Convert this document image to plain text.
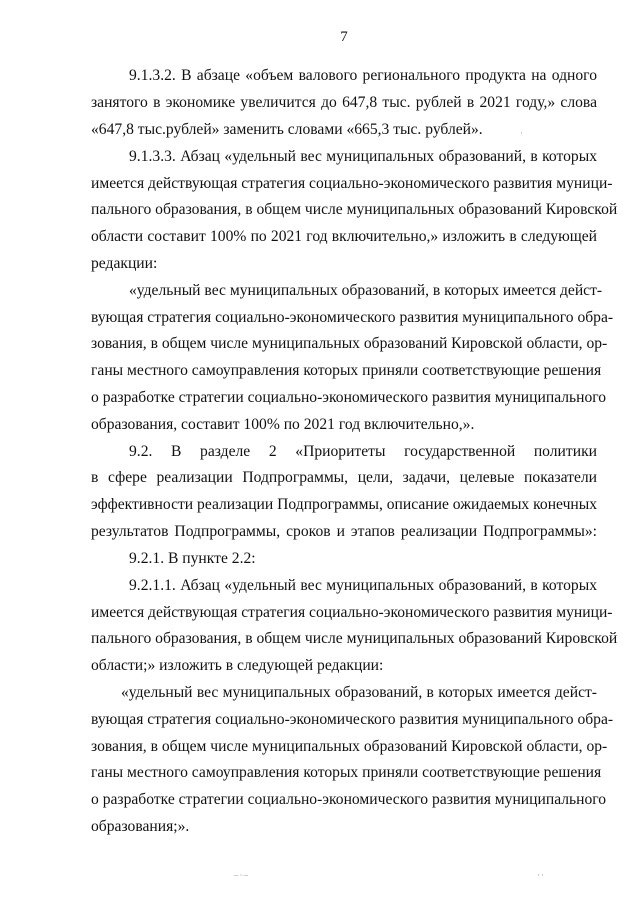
7
9.1.3.2. В абзаце «объем валового регионального продукта на одного
занятого в экономике увеличится до 647,8 тыс. рублей в 2021 году,» слова
«647,8 тыс.рублей» заменить словами «665,3 тыс. рублей».
9.1.3.3. Абзац «удельный вес муниципальных образований, в которых
имеется действующая стратегия социально-экономического развития муници-
пального образования, в общем числе муниципальных образований Кировской
области составит 100% по 2021 год включительно,» изложить в следующей
редакции:
«удельный вес муниципальных образований, в которых имеется дейст-
вующая стратегия социально-экономического развития муниципального обра-
зования, в общем числе муниципальных образований Кировской области, ор-
ганы местного самоуправления которых приняли соответствующие решения
о разработке стратегии социально-экономического развития муниципального
образования, составит 100% по 2021 год включительно,».
9.2. В разделе 2 «Приоритеты государственной политики
в сфере реализации Подпрограммы, цели, задачи, целевые показатели
эффективности реализации Подпрограммы, описание ожидаемых конечных
результатов Подпрограммы, сроков и этапов реализации Подпрограммы»:
9.2.1. В пункте 2.2:
9.2.1.1. Абзац «удельный вес муниципальных образований, в которых
имеется действующая стратегия социально-экономического развития муници-
пального образования, в общем числе муниципальных образований Кировской
области;» изложить в следующей редакции:
«удельный вес муниципальных образований, в которых имеется дейст-
вующая стратегия социально-экономического развития муниципального обра-
зования, в общем числе муниципальных образований Кировской области, ор-
ганы местного самоуправления которых приняли соответствующие решения
о разработке стратегии социально-экономического развития муниципального
образования;».
·
–·–	··
